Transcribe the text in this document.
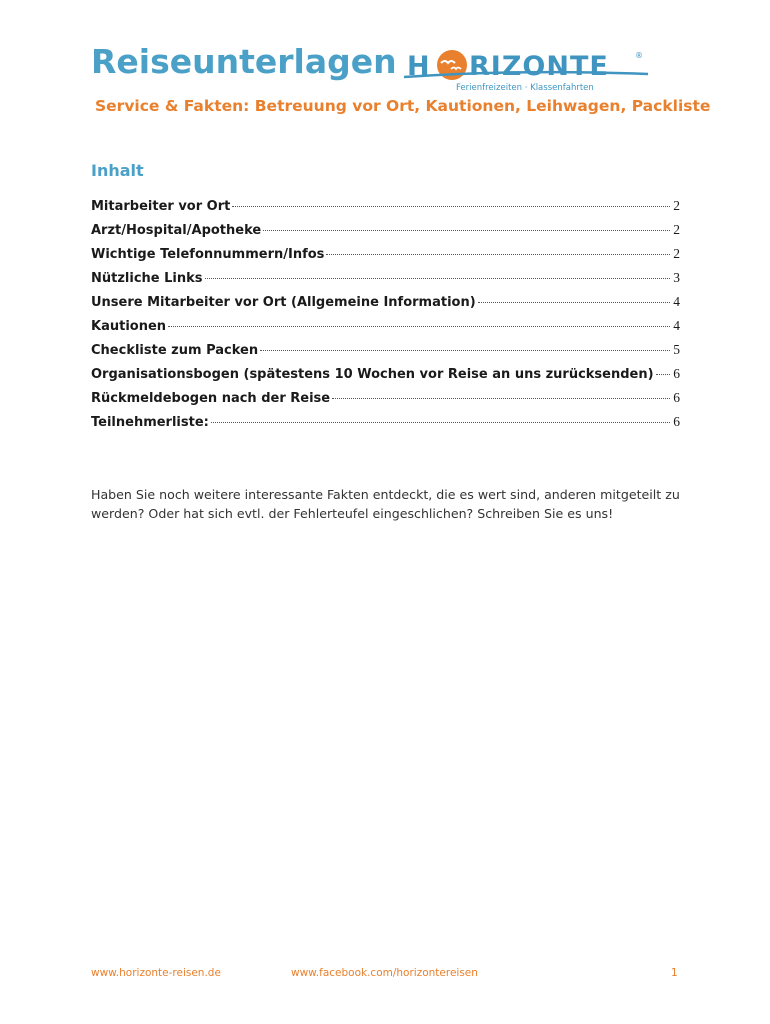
Reiseunterlagen H RIZONTE	®
Ferienfreizeiten · Klassenfahrten
Service & Fakten: Betreuung vor Ort, Kautionen, Leihwagen, Packliste
Inhalt
Mitarbeiter vor Ort	2
Arzt/Hospital/Apotheke	2
Wichtige Telefonnummern/Infos	2
Nützliche Links	3
Unsere Mitarbeiter vor Ort (Allgemeine Information)	4
Kautionen	4
Checkliste zum Packen	5
Organisationsbogen (spätestens 10 Wochen vor Reise an uns zurücksenden) 6
Rückmeldebogen nach der Reise	6
Teilnehmerliste:	6

Haben Sie noch weitere interessante Fakten entdeckt, die es wert sind, anderen mitgeteilt zu werden? Oder hat sich evtl. der Fehlerteufel eingeschlichen? Schreiben Sie es uns!

www.horizonte-reisen.de	www.facebook.com/horizontereisen	1
